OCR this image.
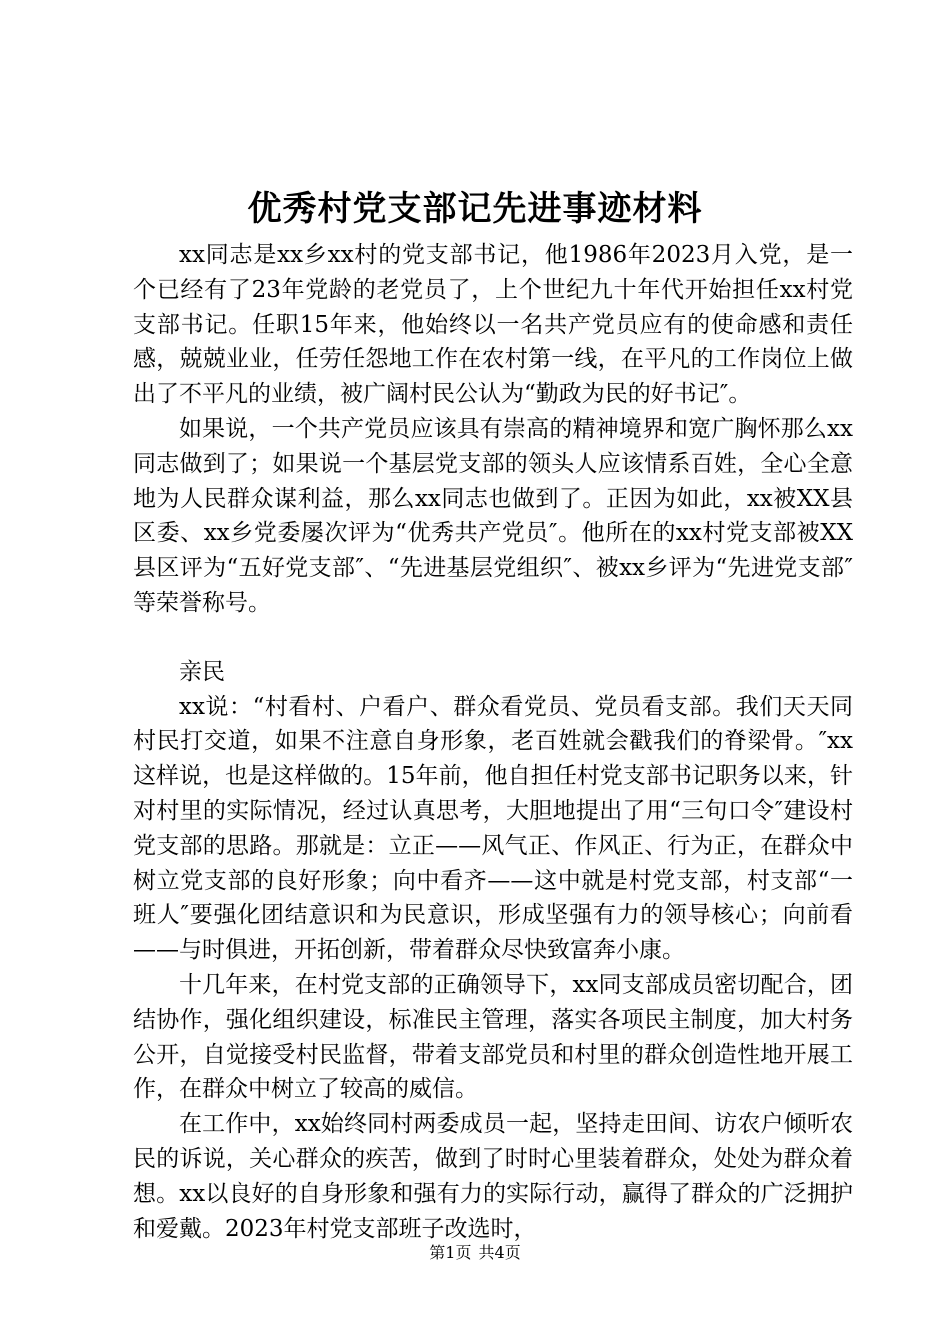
优秀村党支部记先进事迹材料

xx同志是xx乡xx村的党支部书记，他1986年2023月入党，是一个已经有了23年党龄的老党员了，上个世纪九十年代开始担任xx村党支部书记。任职15年来，他始终以一名共产党员应有的使命感和责任感，兢兢业业，任劳任怨地工作在农村第一线，在平凡的工作岗位上做出了不平凡的业绩，被广阔村民公认为“勤政为民的好书记″。

如果说，一个共产党员应该具有崇高的精神境界和宽广胸怀那么xx同志做到了；如果说一个基层党支部的领头人应该情系百姓，全心全意地为人民群众谋利益，那么xx同志也做到了。正因为如此，xx被XX县区委、xx乡党委屡次评为“优秀共产党员″。他所在的xx村党支部被XX县区评为“五好党支部″、“先进基层党组织″、被xx乡评为“先进党支部″等荣誉称号。

亲民

xx说：“村看村、户看户、群众看党员、党员看支部。我们天天同村民打交道，如果不注意自身形象，老百姓就会戳我们的脊梁骨。″xx这样说，也是这样做的。15年前，他自担任村党支部书记职务以来，针对村里的实际情况，经过认真思考，大胆地提出了用“三句口令″建设村党支部的思路。那就是：立正——风气正、作风正、行为正，在群众中树立党支部的良好形象；向中看齐——这中就是村党支部，村支部“一班人″要强化团结意识和为民意识，形成坚强有力的领导核心；向前看——与时俱进，开拓创新，带着群众尽快致富奔小康。

十几年来，在村党支部的正确领导下，xx同支部成员密切配合，团结协作，强化组织建设，标准民主管理，落实各项民主制度，加大村务公开，自觉接受村民监督，带着支部党员和村里的群众创造性地开展工作，在群众中树立了较高的威信。

在工作中，xx始终同村两委成员一起，坚持走田间、访农户倾听农民的诉说，关心群众的疾苦，做到了时时心里装着群众，处处为群众着想。xx以良好的自身形象和强有力的实际行动，赢得了群众的广泛拥护和爱戴。2023年村党支部班子改选时，

第1页 共4页
